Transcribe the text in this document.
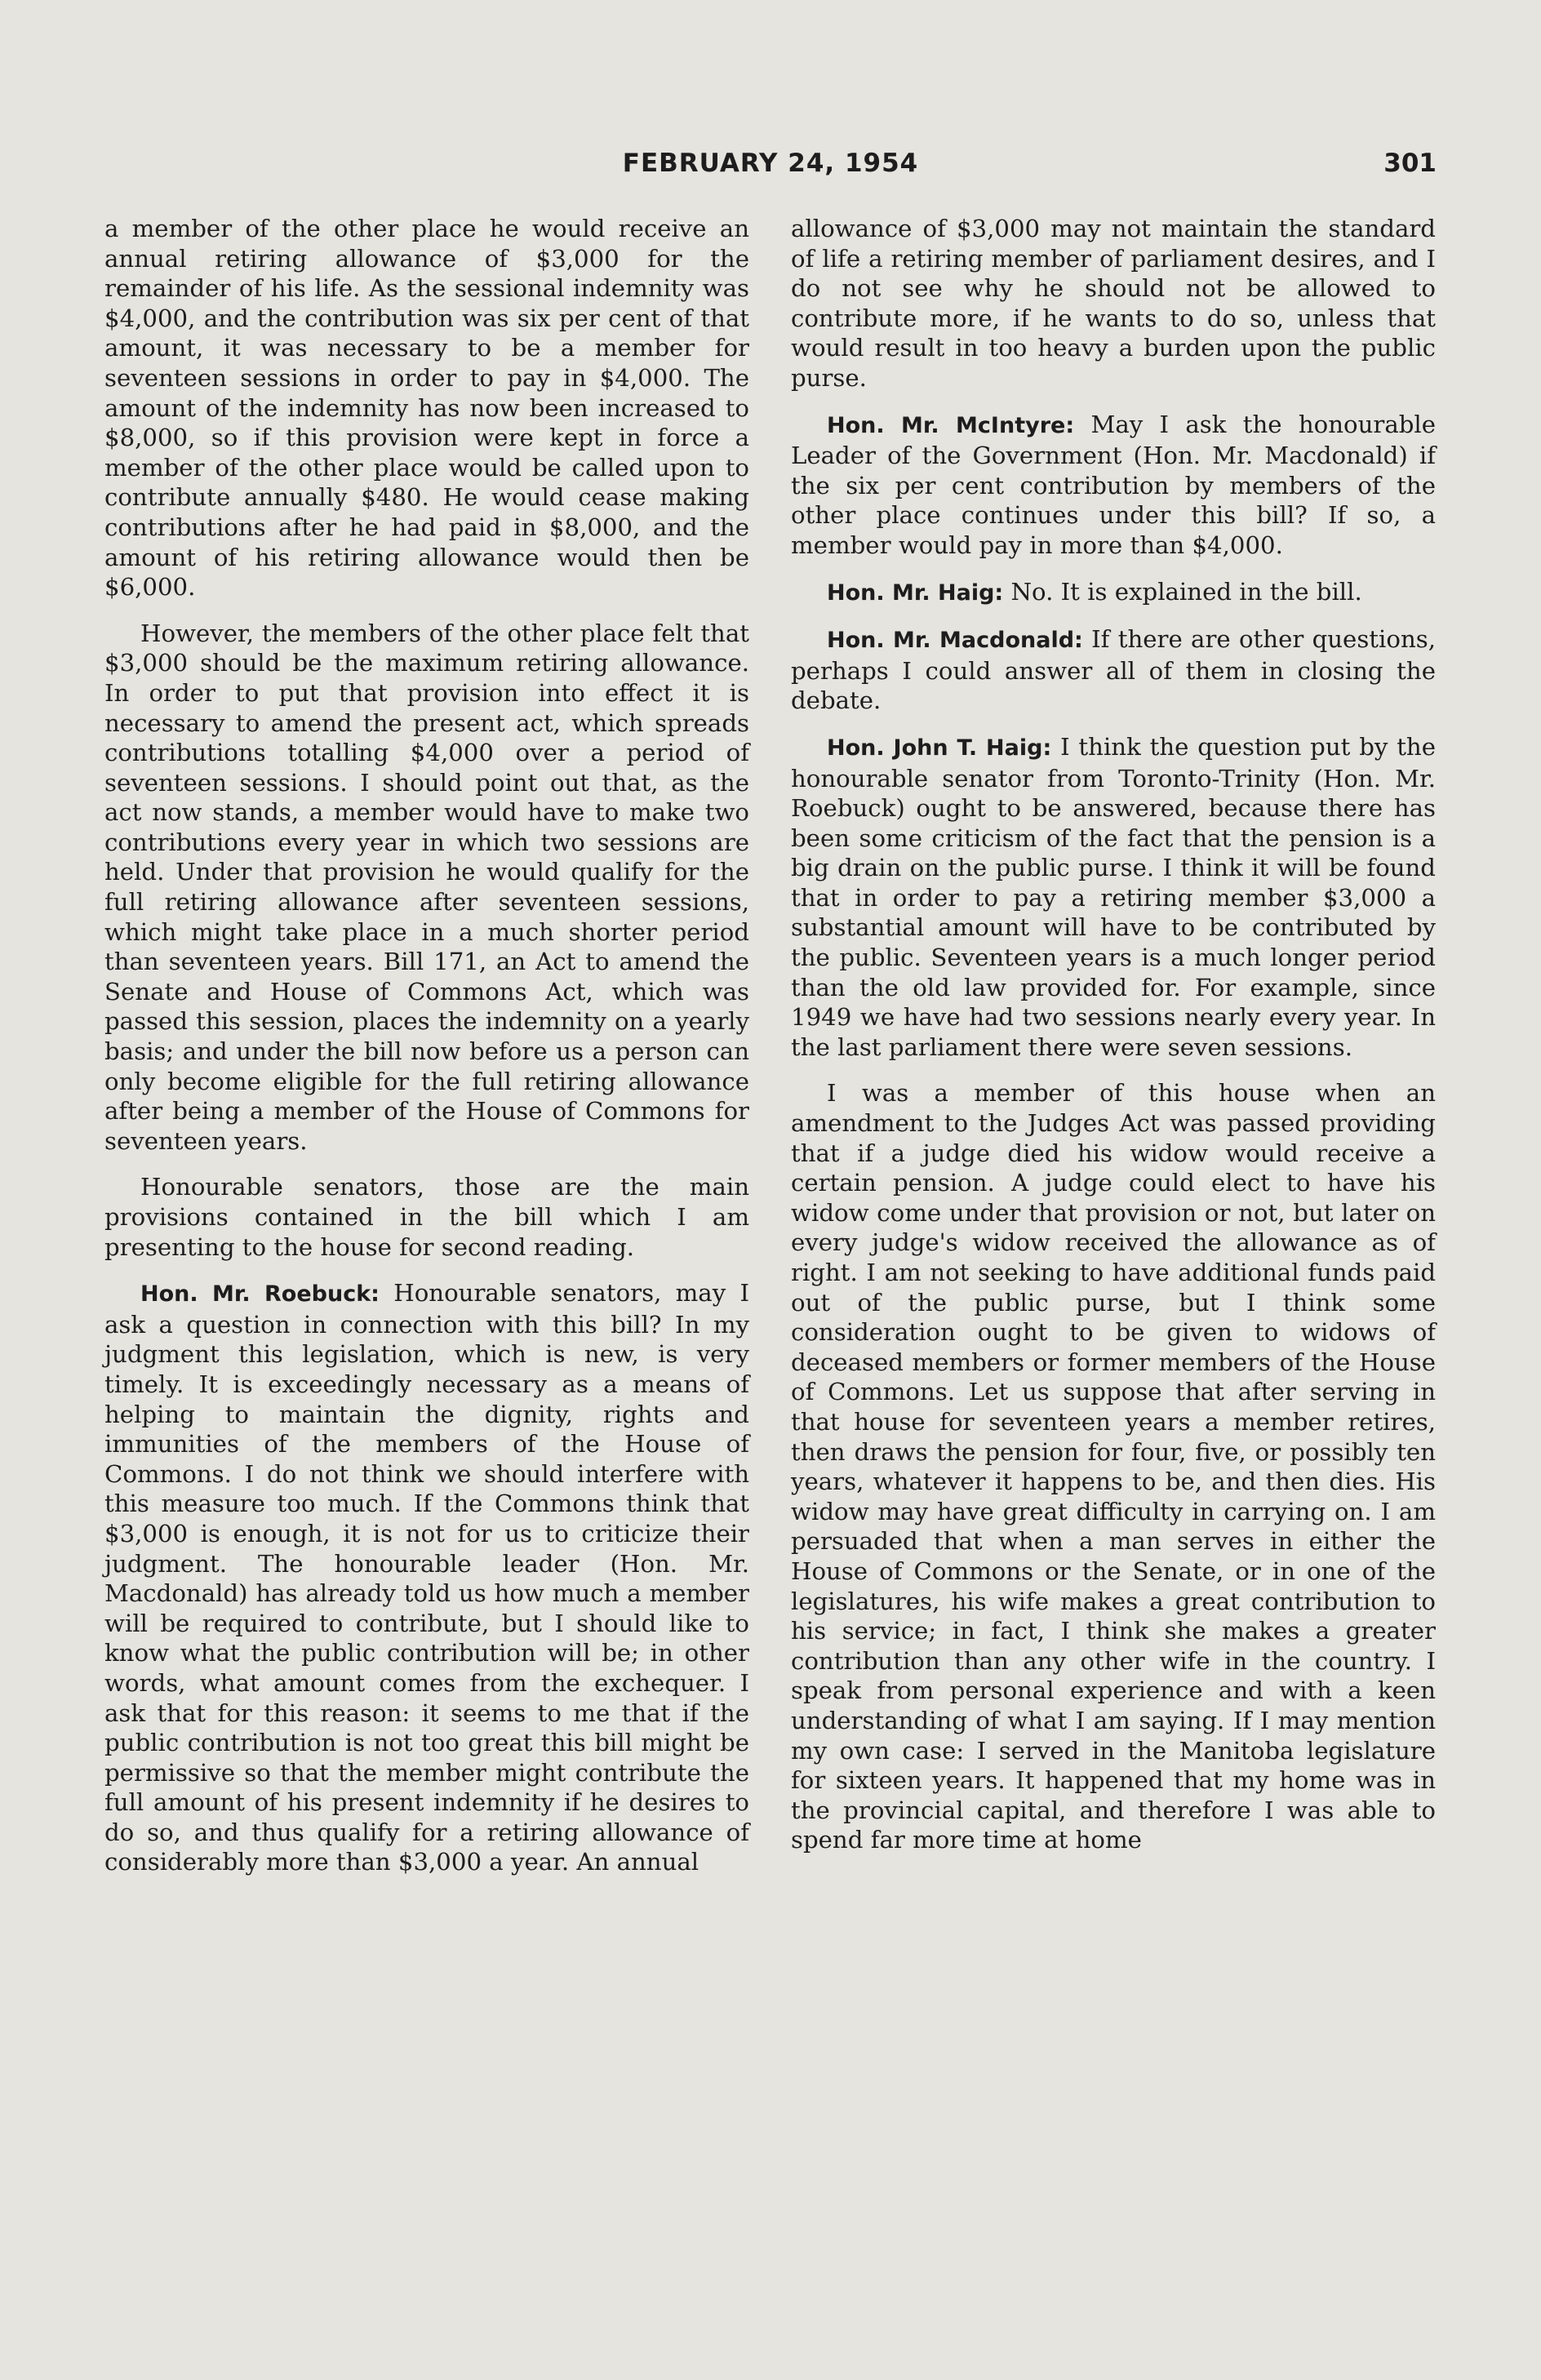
FEBRUARY 24, 1954	301

a member of the other place he would receive an annual retiring allowance of $3,000 for the remainder of his life. As the sessional indemnity was $4,000, and the contribution was six per cent of that amount, it was necessary to be a member for seventeen sessions in order to pay in $4,000. The amount of the indemnity has now been increased to $8,000, so if this provision were kept in force a member of the other place would be called upon to contribute annually $480. He would cease making contributions after he had paid in $8,000, and the amount of his retiring allowance would then be $6,000.

However, the members of the other place felt that $3,000 should be the maximum retiring allowance. In order to put that provision into effect it is necessary to amend the present act, which spreads contributions totalling $4,000 over a period of seventeen sessions. I should point out that, as the act now stands, a member would have to make two contributions every year in which two sessions are held. Under that provision he would qualify for the full retiring allowance after seventeen sessions, which might take place in a much shorter period than seventeen years. Bill 171, an Act to amend the Senate and House of Commons Act, which was passed this session, places the indemnity on a yearly basis; and under the bill now before us a person can only become eligible for the full retiring allowance after being a member of the House of Commons for seventeen years.

Honourable senators, those are the main provisions contained in the bill which I am presenting to the house for second reading.

Hon. Mr. Roebuck: Honourable senators, may I ask a question in connection with this bill? In my judgment this legislation, which is new, is very timely. It is exceedingly necessary as a means of helping to maintain the dignity, rights and immunities of the members of the House of Commons. I do not think we should interfere with this measure too much. If the Commons think that $3,000 is enough, it is not for us to criticize their judgment. The honourable leader (Hon. Mr. Macdonald) has already told us how much a member will be required to contribute, but I should like to know what the public contribution will be; in other words, what amount comes from the exchequer. I ask that for this reason: it seems to me that if the public contribution is not too great this bill might be permissive so that the member might contribute the full amount of his present indemnity if he desires to do so, and thus qualify for a retiring allowance of considerably more than $3,000 a year. An annual

allowance of $3,000 may not maintain the standard of life a retiring member of parliament desires, and I do not see why he should not be allowed to contribute more, if he wants to do so, unless that would result in too heavy a burden upon the public purse.

Hon. Mr. McIntyre: May I ask the honourable Leader of the Government (Hon. Mr. Macdonald) if the six per cent contribution by members of the other place continues under this bill? If so, a member would pay in more than $4,000.

Hon. Mr. Haig: No. It is explained in the bill.

Hon. Mr. Macdonald: If there are other questions, perhaps I could answer all of them in closing the debate.

Hon. John T. Haig: I think the question put by the honourable senator from Toronto-Trinity (Hon. Mr. Roebuck) ought to be answered, because there has been some criticism of the fact that the pension is a big drain on the public purse. I think it will be found that in order to pay a retiring member $3,000 a substantial amount will have to be contributed by the public. Seventeen years is a much longer period than the old law provided for. For example, since 1949 we have had two sessions nearly every year. In the last parliament there were seven sessions.

I was a member of this house when an amendment to the Judges Act was passed providing that if a judge died his widow would receive a certain pension. A judge could elect to have his widow come under that provision or not, but later on every judge's widow received the allowance as of right. I am not seeking to have additional funds paid out of the public purse, but I think some consideration ought to be given to widows of deceased members or former members of the House of Commons. Let us suppose that after serving in that house for seventeen years a member retires, then draws the pension for four, five, or possibly ten years, whatever it happens to be, and then dies. His widow may have great difficulty in carrying on. I am persuaded that when a man serves in either the House of Commons or the Senate, or in one of the legislatures, his wife makes a great contribution to his service; in fact, I think she makes a greater contribution than any other wife in the country. I speak from personal experience and with a keen understanding of what I am saying. If I may mention my own case: I served in the Manitoba legislature for sixteen years. It happened that my home was in the provincial capital, and therefore I was able to spend far more time at home
